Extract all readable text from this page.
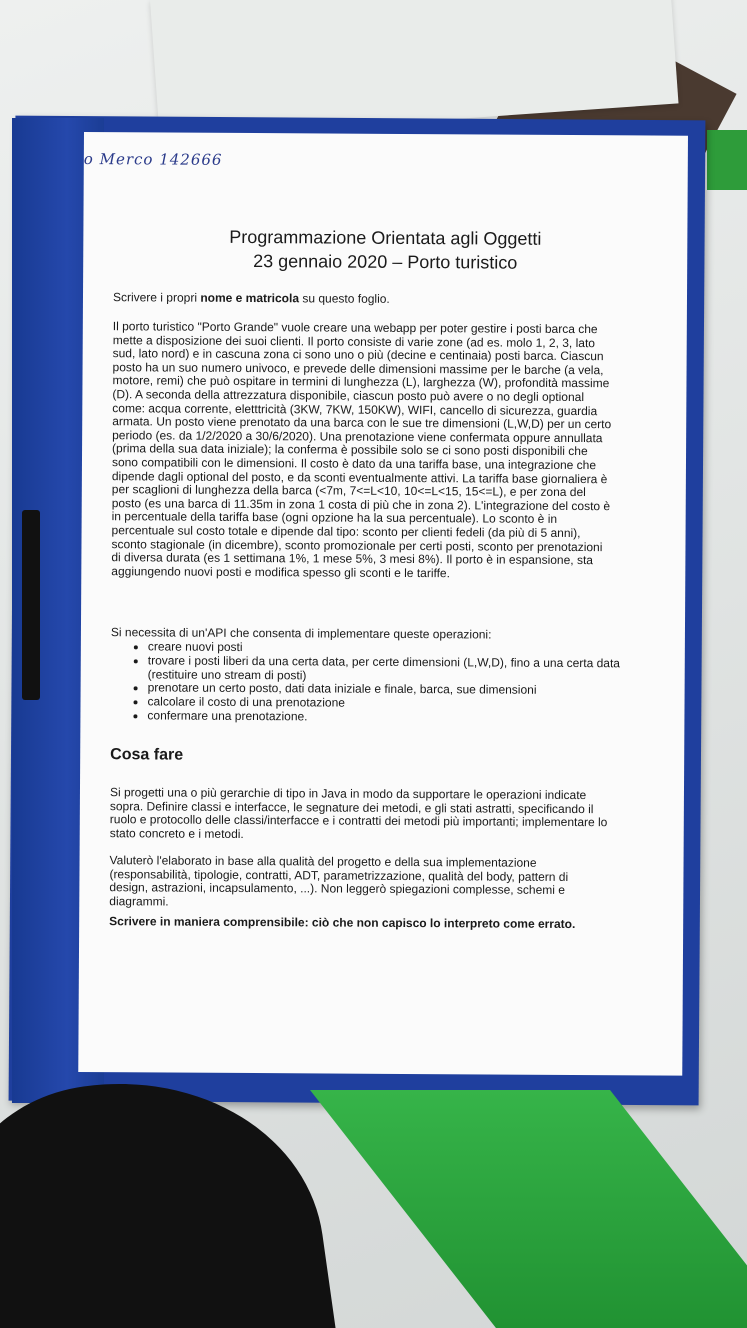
o Merco 142666
Programmazione Orientata agli Oggetti
23 gennaio 2020 – Porto turistico
Scrivere i propri nome e matricola su questo foglio.
Il porto turistico "Porto Grande" vuole creare una webapp per poter gestire i posti barca che mette a disposizione dei suoi clienti. Il porto consiste di varie zone (ad es. molo 1, 2, 3, lato sud, lato nord) e in cascuna zona ci sono uno o più (decine e centinaia) posti barca. Ciascun posto ha un suo numero univoco, e prevede delle dimensioni massime per le barche (a vela, motore, remi) che può ospitare in termini di lunghezza (L), larghezza (W), profondità massime (D). A seconda della attrezzatura disponibile, ciascun posto può avere o no degli optional come: acqua corrente, eletttricità (3KW, 7KW, 150KW), WIFI, cancello di sicurezza, guardia armata. Un posto viene prenotato da una barca con le sue tre dimensioni (L,W,D) per un certo periodo (es. da 1/2/2020 a 30/6/2020). Una prenotazione viene confermata oppure annullata (prima della sua data iniziale); la conferma è possibile solo se ci sono posti disponibili che sono compatibili con le dimensioni. Il costo è dato da una tariffa base, una integrazione che dipende dagli optional del posto, e da sconti eventualmente attivi. La tariffa base giornaliera è per scaglioni di lunghezza della barca (<7m, 7<=L<10, 10<=L<15, 15<=L), e per zona del posto (es una barca di 11.35m in zona 1 costa di più che in zona 2). L'integrazione del costo è in percentuale della tariffa base (ogni opzione ha la sua percentuale). Lo sconto è in percentuale sul costo totale e dipende dal tipo: sconto per clienti fedeli (da più di 5 anni), sconto stagionale (in dicembre), sconto promozionale per certi posti, sconto per prenotazioni di diversa durata (es 1 settimana 1%, 1 mese 5%, 3 mesi 8%). Il porto è in espansione, sta aggiungendo nuovi posti e modifica spesso gli sconti e le tariffe.
Si necessita di un'API che consenta di implementare queste operazioni:
• creare nuovi posti
• trovare i posti liberi da una certa data, per certe dimensioni (L,W,D), fino a una certa data (restituire uno stream di posti)
• prenotare un certo posto, dati data iniziale e finale, barca, sue dimensioni
• calcolare il costo di una prenotazione
• confermare una prenotazione.
Cosa fare
Si progetti una o più gerarchie di tipo in Java in modo da supportare le operazioni indicate sopra. Definire classi e interfacce, le segnature dei metodi, e gli stati astratti, specificando il ruolo e protocollo delle classi/interfacce e i contratti dei metodi più importanti; implementare lo stato concreto e i metodi.
Valuterò l'elaborato in base alla qualità del progetto e della sua implementazione (responsabilità, tipologie, contratti, ADT, parametrizzazione, qualità del body, pattern di design, astrazioni, incapsulamento, ...). Non leggerò spiegazioni complesse, schemi e diagrammi.
Scrivere in maniera comprensibile: ciò che non capisco lo interpreto come errato.
